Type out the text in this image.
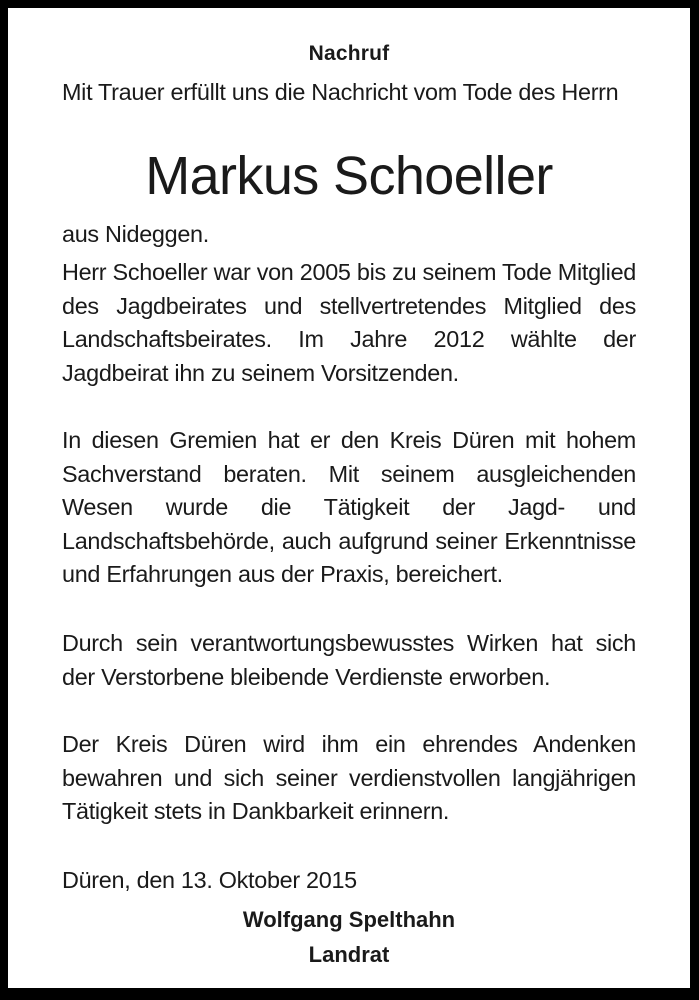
Nachruf

Mit Trauer erfüllt uns die Nachricht vom Tode des Herrn

Markus Schoeller

aus Nideggen.

Herr Schoeller war von 2005 bis zu seinem Tode Mitglied des Jagdbeirates und stellvertretendes Mitglied des Landschaftsbeirates. Im Jahre 2012 wählte der Jagdbeirat ihn zu seinem Vorsitzenden.

In diesen Gremien hat er den Kreis Düren mit hohem Sachverstand beraten. Mit seinem ausgleichenden Wesen wurde die Tätigkeit der Jagd- und Landschaftsbehörde, auch aufgrund seiner Erkenntnisse und Erfahrungen aus der Praxis, bereichert.

Durch sein verantwortungsbewusstes Wirken hat sich der Verstorbene bleibende Verdienste erworben.

Der Kreis Düren wird ihm ein ehrendes Andenken bewahren und sich seiner verdienstvollen langjährigen Tätigkeit stets in Dankbarkeit erinnern.

Düren, den 13. Oktober 2015

Wolfgang Spelthahn
Landrat
